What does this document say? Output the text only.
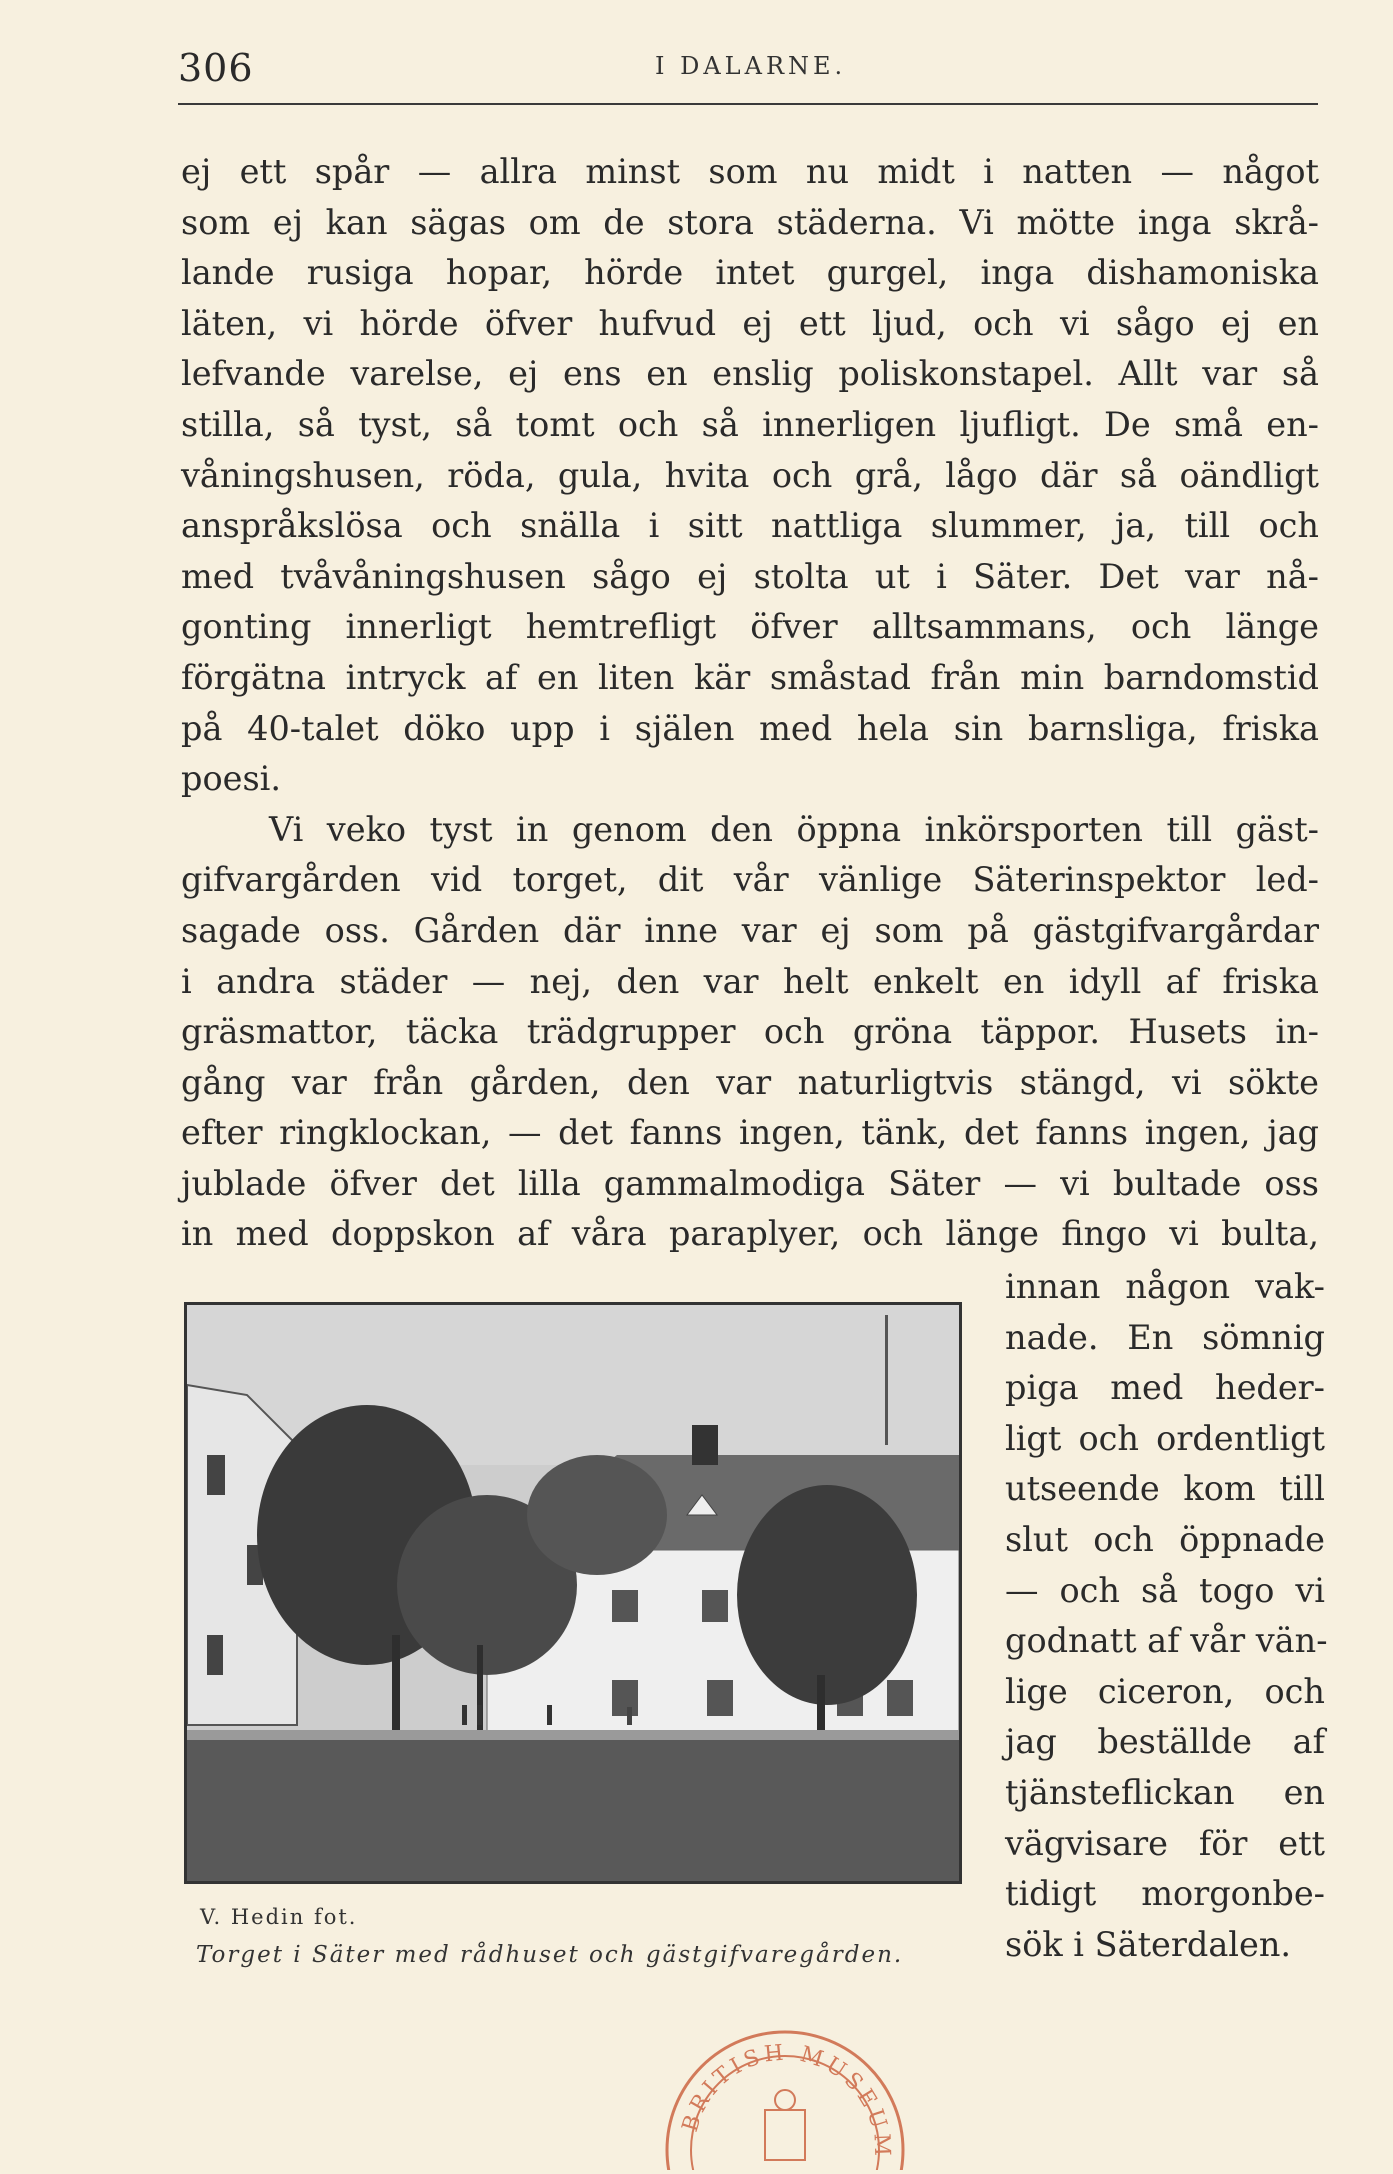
306	I DALARNE.
ej ett spår — allra minst som nu midt i natten — något
som ej kan sägas om de stora städerna. Vi mötte inga skrå-
lande rusiga hopar, hörde intet gurgel, inga dishamoniska
läten, vi hörde öfver hufvud ej ett ljud, och vi sågo ej en
lefvande varelse, ej ens en enslig poliskonstapel. Allt var så
stilla, så tyst, så tomt och så innerligen ljufligt. De små en-
våningshusen, röda, gula, hvita och grå, lågo där så oändligt
anspråkslösa och snälla i sitt nattliga slummer, ja, till och
med tvåvåningshusen sågo ej stolta ut i Säter. Det var nå-
gonting innerligt hemtrefligt öfver alltsammans, och länge
förgätna intryck af en liten kär småstad från min barndomstid
på 40-talet döko upp i själen med hela sin barnsliga, friska
poesi.
Vi veko tyst in genom den öppna inkörsporten till gäst-
gifvargården vid torget, dit vår vänlige Säterinspektor led-
sagade oss. Gården där inne var ej som på gästgifvargårdar
i andra städer — nej, den var helt enkelt en idyll af friska
gräsmattor, täcka trädgrupper och gröna täppor. Husets in-
gång var från gården, den var naturligtvis stängd, vi sökte
efter ringklockan, — det fanns ingen, tänk, det fanns ingen, jag
jublade öfver det lilla gammalmodiga Säter — vi bultade oss
in med doppskon af våra paraplyer, och länge fingo vi bulta,
innan någon vak-
nade. En sömnig
piga med heder-
ligt och ordentligt
utseende kom till
slut och öppnade
— och så togo vi
godnatt af vår vän-
lige ciceron, och
jag beställde af
tjänsteflickan en
vägvisare för ett
tidigt morgonbe-
sök i Säterdalen.
V. Hedin fot.
Torget i Säter med rådhuset och gästgifvaregården.
BRITISH MUSEUM
